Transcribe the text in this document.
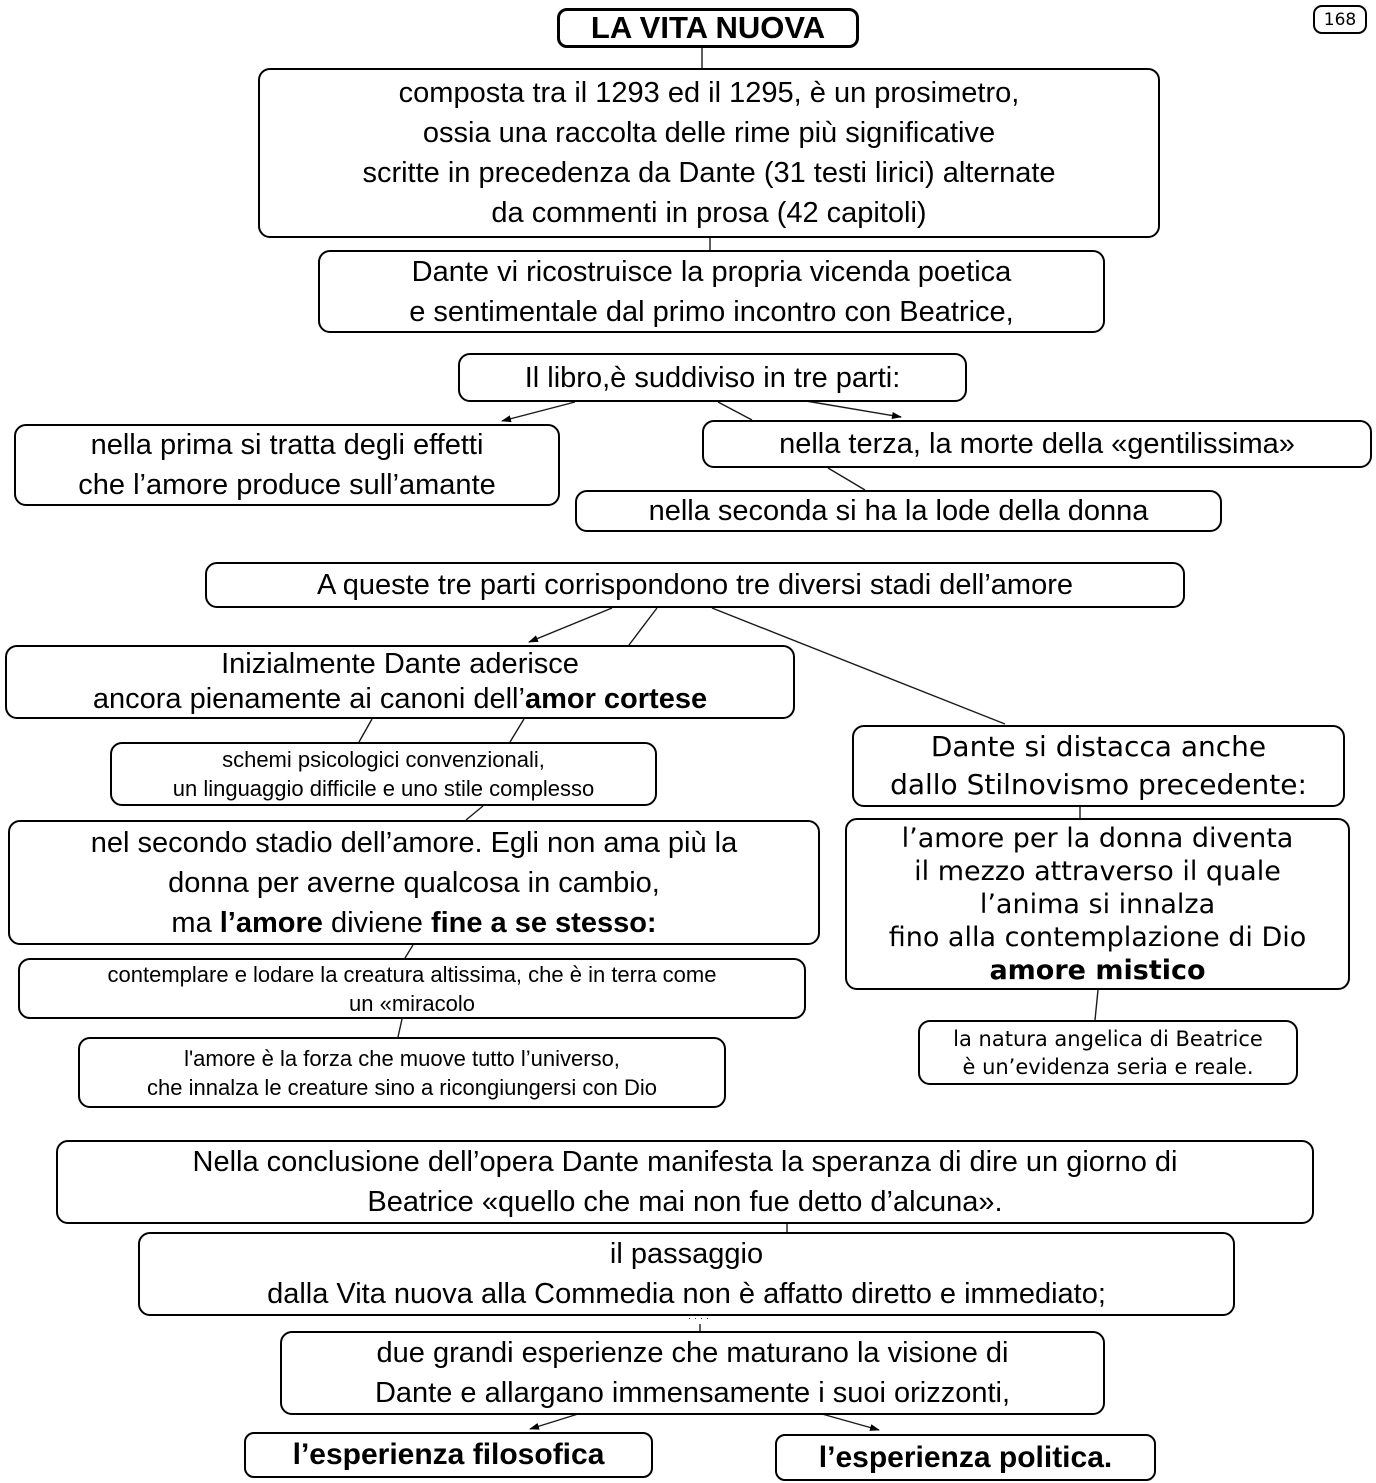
LA VITA NUOVA	168
composta tra il 1293 ed il 1295, è un prosimetro,
ossia una raccolta delle rime più significative
scritte in precedenza da Dante (31 testi lirici) alternate
da commenti in prosa (42 capitoli)
Dante vi ricostruisce la propria vicenda poetica
e sentimentale dal primo incontro con Beatrice,
Il libro,è suddiviso in tre parti:
nella prima si tratta degli effetti
che l’amore produce sull’amante
nella terza, la morte della «gentilissima»
nella seconda si ha la lode della donna
A queste tre parti corrispondono tre diversi stadi dell’amore
Inizialmente Dante aderisce
ancora pienamente ai canoni dell’amor cortese
schemi psicologici convenzionali,
un linguaggio difficile e uno stile complesso
Dante si distacca anche
dallo Stilnovismo precedente:
nel secondo stadio dell’amore. Egli non ama più la
donna per averne qualcosa in cambio,
ma l’amore diviene fine a se stesso:
l’amore per la donna diventa
il mezzo attraverso il quale
l’anima si innalza
fino alla contemplazione di Dio
amore mistico
contemplare e lodare la creatura altissima, che è in terra come
un «miracolo
l'amore è la forza che muove tutto l’universo,
che innalza le creature sino a ricongiungersi con Dio
la natura angelica di Beatrice
è un’evidenza seria e reale.
Nella conclusione dell’opera Dante manifesta la speranza di dire un giorno di
Beatrice «quello che mai non fue detto d’alcuna».
il passaggio
dalla Vita nuova alla Commedia non è affatto diretto e immediato;
····
due grandi esperienze che maturano la visione di
Dante e allargano immensamente i suoi orizzonti,
l’esperienza filosofica	l’esperienza politica.
